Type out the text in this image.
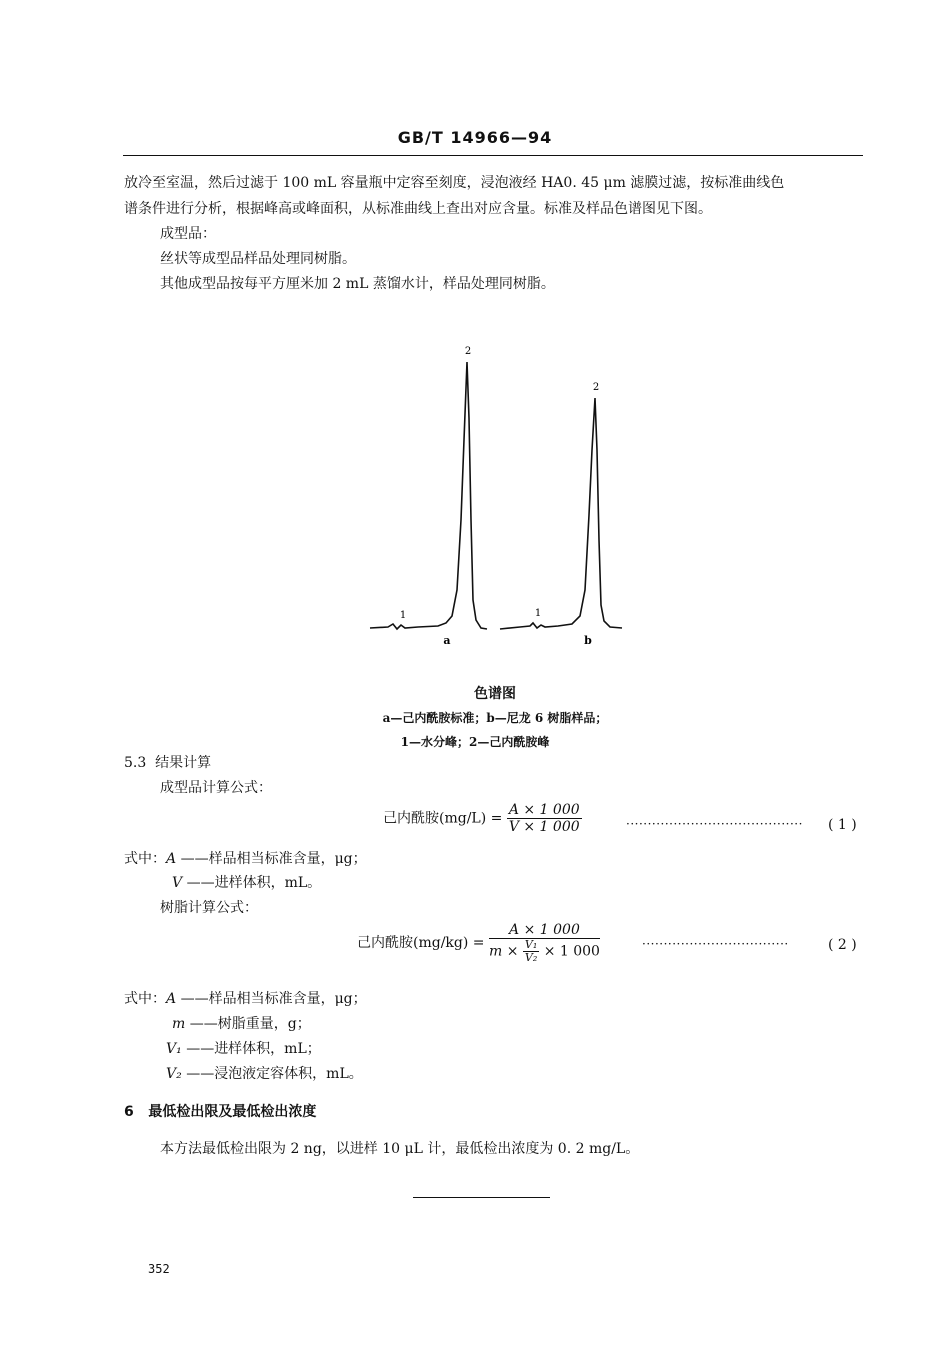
GB/T 14966—94
放冷至室温，然后过滤于 100 mL 容量瓶中定容至刻度，浸泡液经 HA0. 45 μm 滤膜过滤，按标准曲线色
谱条件进行分析，根据峰高或峰面积，从标准曲线上查出对应含量。标准及样品色谱图见下图。
成型品：
丝状等成型品样品处理同树脂。
其他成型品按每平方厘米加 2 mL 蒸馏水计，样品处理同树脂。
2
1
2
1
a	b
色谱图
a—己内酰胺标准；b—尼龙 6 树脂样品；
1—水分峰；2—己内酰胺峰
5.3 结果计算
成型品计算公式：
己内酰胺$(mg/L) = \frac{A \times 1 000}{V \times 1 000}$	········································· ( 1 )
式中：A ——样品相当标准含量，μg；
V ——进样体积，mL。
树脂计算公式：
己内酰胺$(mg/kg) = \frac{A \times 1 000}{m \times \frac{\text{V₁}}{\text{V₂}} \times 1 000}$	··································	( 2 )
式中：A ——样品相当标准含量，μg；
m ——树脂重量，g；
V₁ ——进样体积，mL；
V₂ ——浸泡液定容体积，mL。
6 最低检出限及最低检出浓度
本方法最低检出限为 2 ng，以进样 10 μL 计，最低检出浓度为 0. 2 mg/L。
352
